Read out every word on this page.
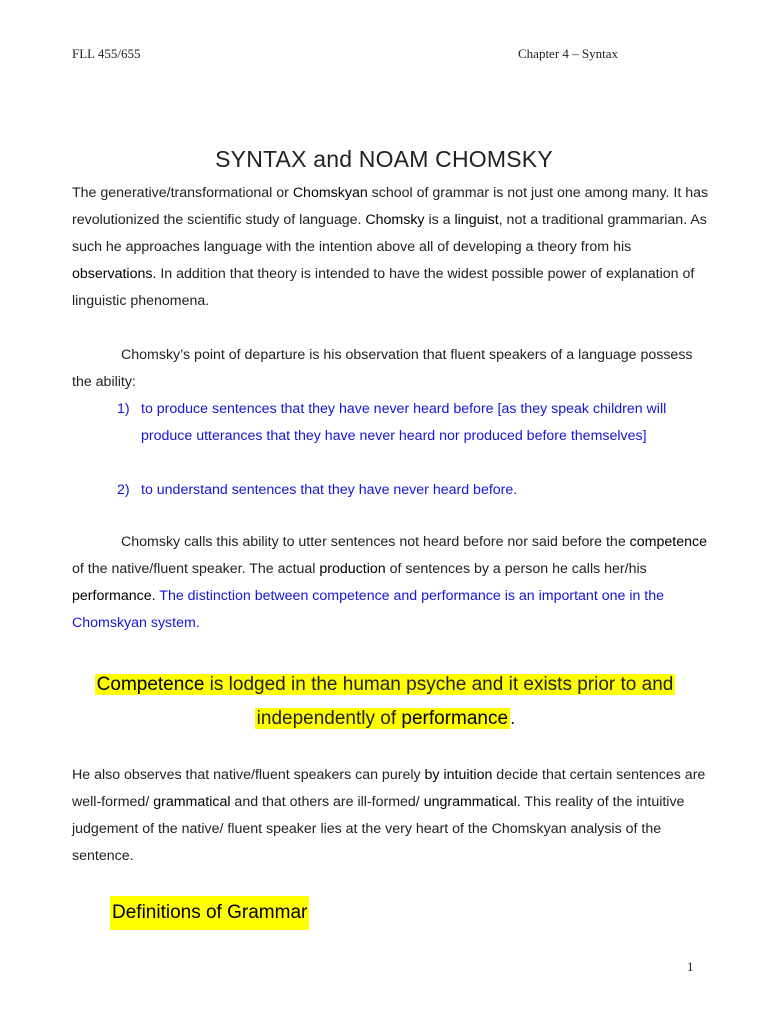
FLL 455/655	Chapter 4 – Syntax
SYNTAX and NOAM CHOMSKY
The generative/transformational or Chomskyan school of grammar is not just one among many. It has revolutionized the scientific study of language. Chomsky is a linguist, not a traditional grammarian. As such he approaches language with the intention above all of developing a theory from his observations. In addition that theory is intended to have the widest possible power of explanation of linguistic phenomena.
Chomsky’s point of departure is his observation that fluent speakers of a language possess the ability:
1) to produce sentences that they have never heard before [as they speak children will
produce utterances that they have never heard nor produced before themselves]
2) to understand sentences that they have never heard before.
Chomsky calls this ability to utter sentences not heard before nor said before the competence of the native/fluent speaker. The actual production of sentences by a person he calls her/his performance. The distinction between competence and performance is an important one in the Chomskyan system.
Competence is lodged in the human psyche and it exists prior to and
independently of performance .
He also observes that native/fluent speakers can purely by intuition decide that certain sentences are well-formed/ grammatical and that others are ill-formed/ ungrammatical. This reality of the intuitive judgement of the native/ fluent speaker lies at the very heart of the Chomskyan analysis of the sentence.
Definitions of Grammar
1
